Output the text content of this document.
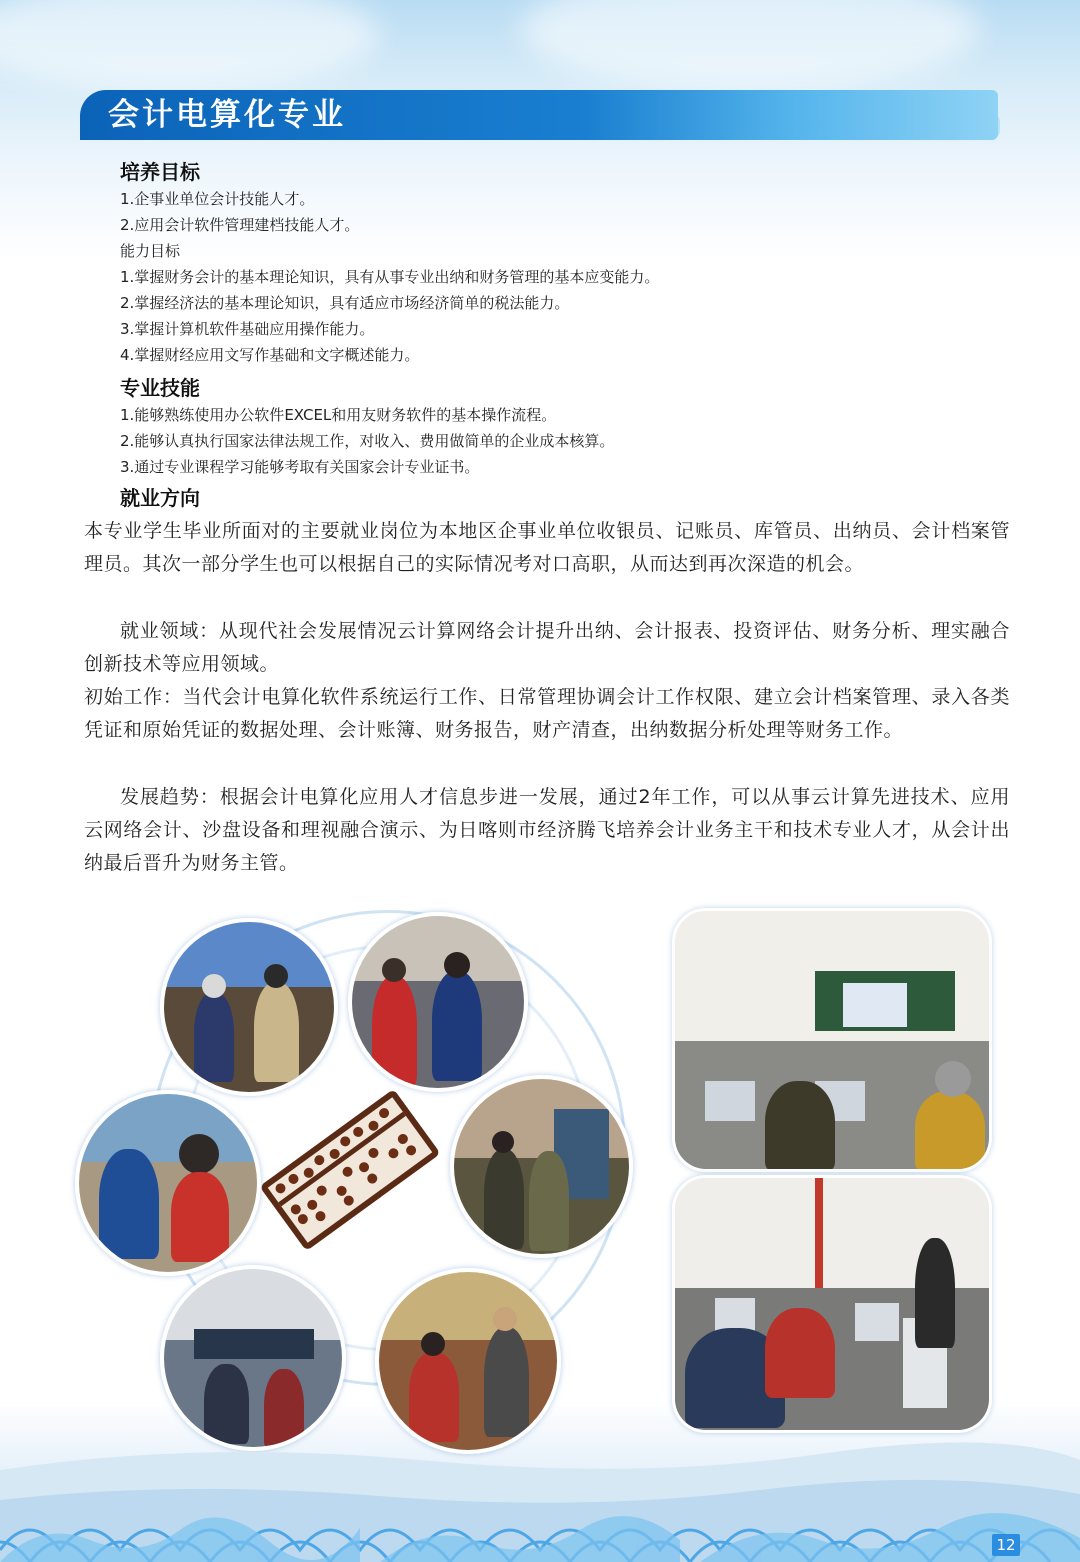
会计电算化专业
培养目标
1.企事业单位会计技能人才。
2.应用会计软件管理建档技能人才。
能力目标
1.掌握财务会计的基本理论知识，具有从事专业出纳和财务管理的基本应变能力。
2.掌握经济法的基本理论知识，具有适应市场经济简单的税法能力。
3.掌握计算机软件基础应用操作能力。
4.掌握财经应用文写作基础和文字概述能力。
专业技能
1.能够熟练使用办公软件EXCEL和用友财务软件的基本操作流程。
2.能够认真执行国家法律法规工作，对收入、费用做简单的企业成本核算。
3.通过专业课程学习能够考取有关国家会计专业证书。
就业方向
本专业学生毕业所面对的主要就业岗位为本地区企事业单位收银员、记账员、库管员、出纳员、会计档案管理员。其次一部分学生也可以根据自己的实际情况考对口高职，从而达到再次深造的机会。
就业领域：从现代社会发展情况云计算网络会计提升出纳、会计报表、投资评估、财务分析、理实融合创新技术等应用领域。
初始工作：当代会计电算化软件系统运行工作、日常管理协调会计工作权限、建立会计档案管理、录入各类凭证和原始凭证的数据处理、会计账簿、财务报告，财产清查，出纳数据分析处理等财务工作。
发展趋势：根据会计电算化应用人才信息步进一发展，通过2年工作，可以从事云计算先进技术、应用云网络会计、沙盘设备和理视融合演示、为日喀则市经济腾飞培养会计业务主干和技术专业人才，从会计出纳最后晋升为财务主管。
12
